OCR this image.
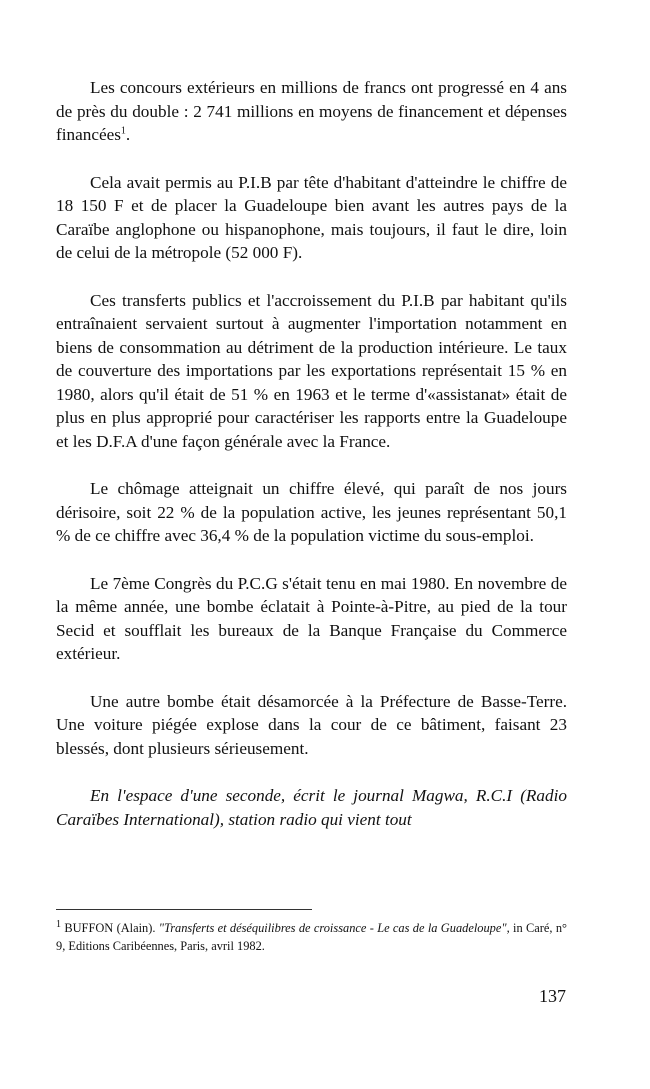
Les concours extérieurs en millions de francs ont progressé en 4 ans de près du double : 2 741 millions en moyens de financement et dépenses financées$^1$.

Cela avait permis au P.I.B par tête d'habitant d'atteindre le chiffre de 18 150 F et de placer la Guadeloupe bien avant les autres pays de la Caraïbe anglophone ou hispanophone, mais toujours, il faut le dire, loin de celui de la métropole (52 000 F).

Ces transferts publics et l'accroissement du P.I.B par habitant qu'ils entraînaient servaient surtout à augmenter l'importation notamment en biens de consommation au détriment de la production intérieure. Le taux de couverture des importations par les exportations représentait 15 % en 1980, alors qu'il était de 51 % en 1963 et le terme d'«assistanat» était de plus en plus approprié pour caractériser les rapports entre la Guadeloupe et les D.F.A d'une façon générale avec la France.

Le chômage atteignait un chiffre élevé, qui paraît de nos jours dérisoire, soit 22 % de la population active, les jeunes représentant 50,1 % de ce chiffre avec 36,4 % de la population victime du sous-emploi.

Le 7ème Congrès du P.C.G s'était tenu en mai 1980. En novembre de la même année, une bombe éclatait à Pointe-à-Pitre, au pied de la tour Secid et soufflait les bureaux de la Banque Française du Commerce extérieur.

Une autre bombe était désamorcée à la Préfecture de Basse-Terre. Une voiture piégée explose dans la cour de ce bâtiment, faisant 23 blessés, dont plusieurs sérieusement.

En l'espace d'une seconde, écrit le journal Magwa, R.C.I (Radio Caraïbes International), station radio qui vient tout

$^1$ BUFFON (Alain). "Transferts et déséquilibres de croissance - Le cas de la Guadeloupe", in Caré, n° 9, Editions Caribéennes, Paris, avril 1982.

137
